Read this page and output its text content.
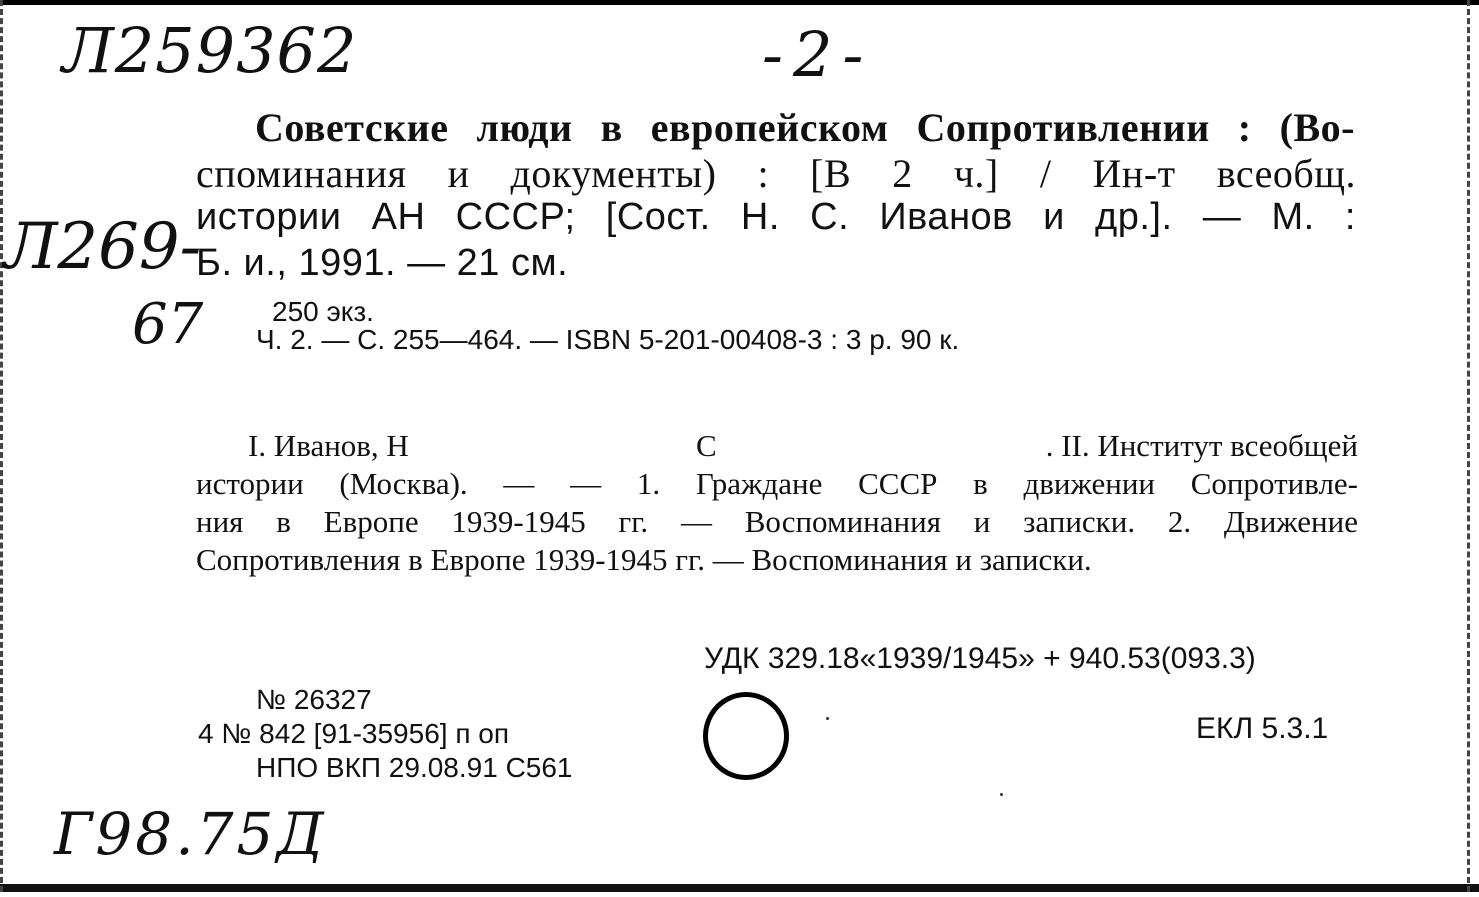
Л259362	-2-
Л269-
67
Г98.75Д
Советские люди в европейском Сопротивлении : (Во-
споминания и документы) : [В 2 ч.] / Ин-т всеобщ.
истории АН СССР; [Сост. Н. С. Иванов и др.]. — М. :
Б. и., 1991. — 21 см.
250 экз.
Ч. 2. — С. 255—464. — ISBN 5-201-00408-3 : 3 р. 90 к.
I. Иванов, Н	С	. II. Институт всеобщей
истории (Москва). — — 1. Граждане СССР в движении Сопротивле-
ния в Европе 1939-1945 гг. — Воспоминания и записки. 2. Движение
Сопротивления в Европе 1939-1945 гг. — Воспоминания и записки.
УДК 329.18«1939/1945» + 940.53(093.3)
ЕКЛ 5.3.1
№ 26327
4 № 842 [91-35956] п оп
НПО ВКП 29.08.91 С561
